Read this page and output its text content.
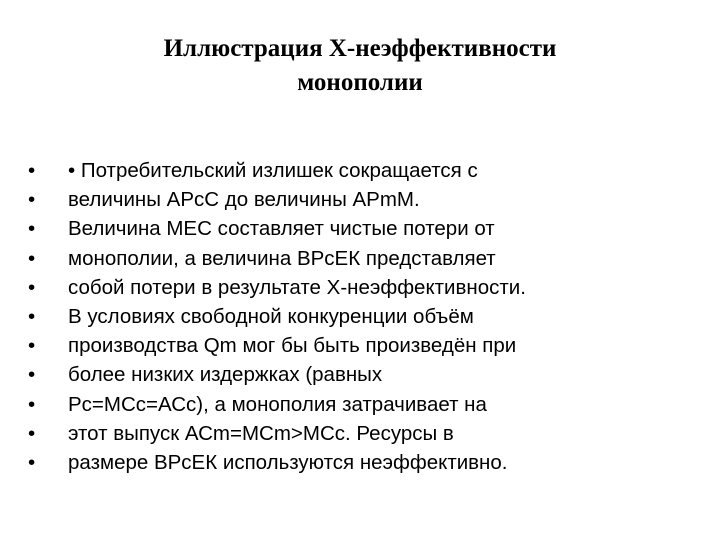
Иллюстрация Х-неэффективности
монополии
• • Потребительский излишек сокращается с
• величины АРсС до величины АРmМ.
• Величина МЕС составляет чистые потери от
• монополии, а величина ВРсЕК представляет
• собой потери в результате Х-неэффективности.
• В условиях свободной конкуренции объём
• производства Qm мог бы быть произведён при
• более низких издержках (равных
• Рс=МСс=АСс), а монополия затрачивает на
• этот выпуск АСm=MCm>MCc. Ресурсы в
• размере ВРсЕК используются неэффективно.
